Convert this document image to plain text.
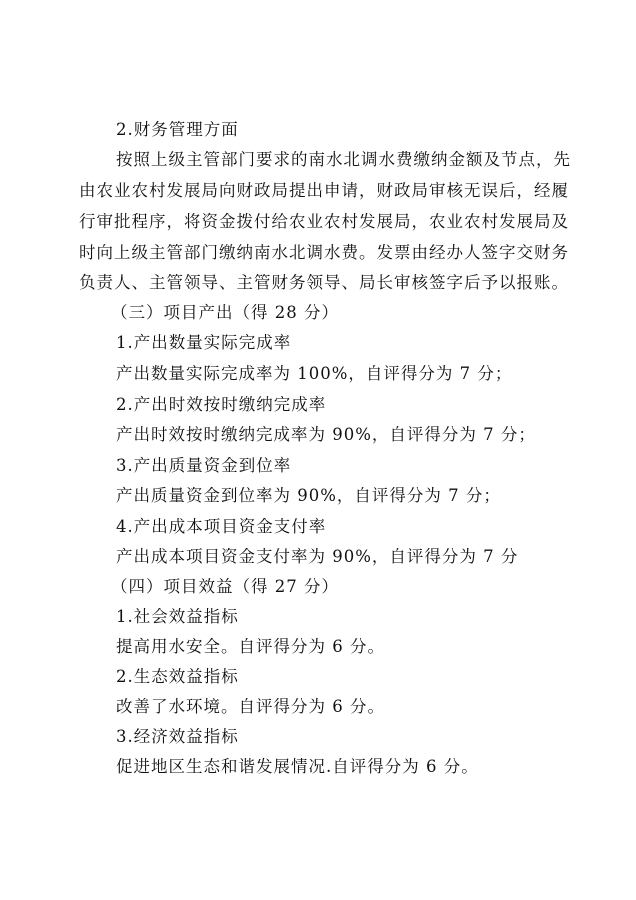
2.财务管理方面
按照上级主管部门要求的南水北调水费缴纳金额及节点，先
由农业农村发展局向财政局提出申请，财政局审核无误后，经履
行审批程序，将资金拨付给农业农村发展局，农业农村发展局及
时向上级主管部门缴纳南水北调水费。发票由经办人签字交财务
负责人、主管领导、主管财务领导、局长审核签字后予以报账。
（三）项目产出（得 28 分）
1.产出数量实际完成率
产出数量实际完成率为 100%，自评得分为 7 分；
2.产出时效按时缴纳完成率
产出时效按时缴纳完成率为 90%，自评得分为 7 分；
3.产出质量资金到位率
产出质量资金到位率为 90%，自评得分为 7 分；
4.产出成本项目资金支付率
产出成本项目资金支付率为 90%，自评得分为 7 分
（四）项目效益（得 27 分）
1.社会效益指标
提高用水安全。自评得分为 6 分。
2.生态效益指标
改善了水环境。自评得分为 6 分。
3.经济效益指标
促进地区生态和谐发展情况.自评得分为 6 分。
